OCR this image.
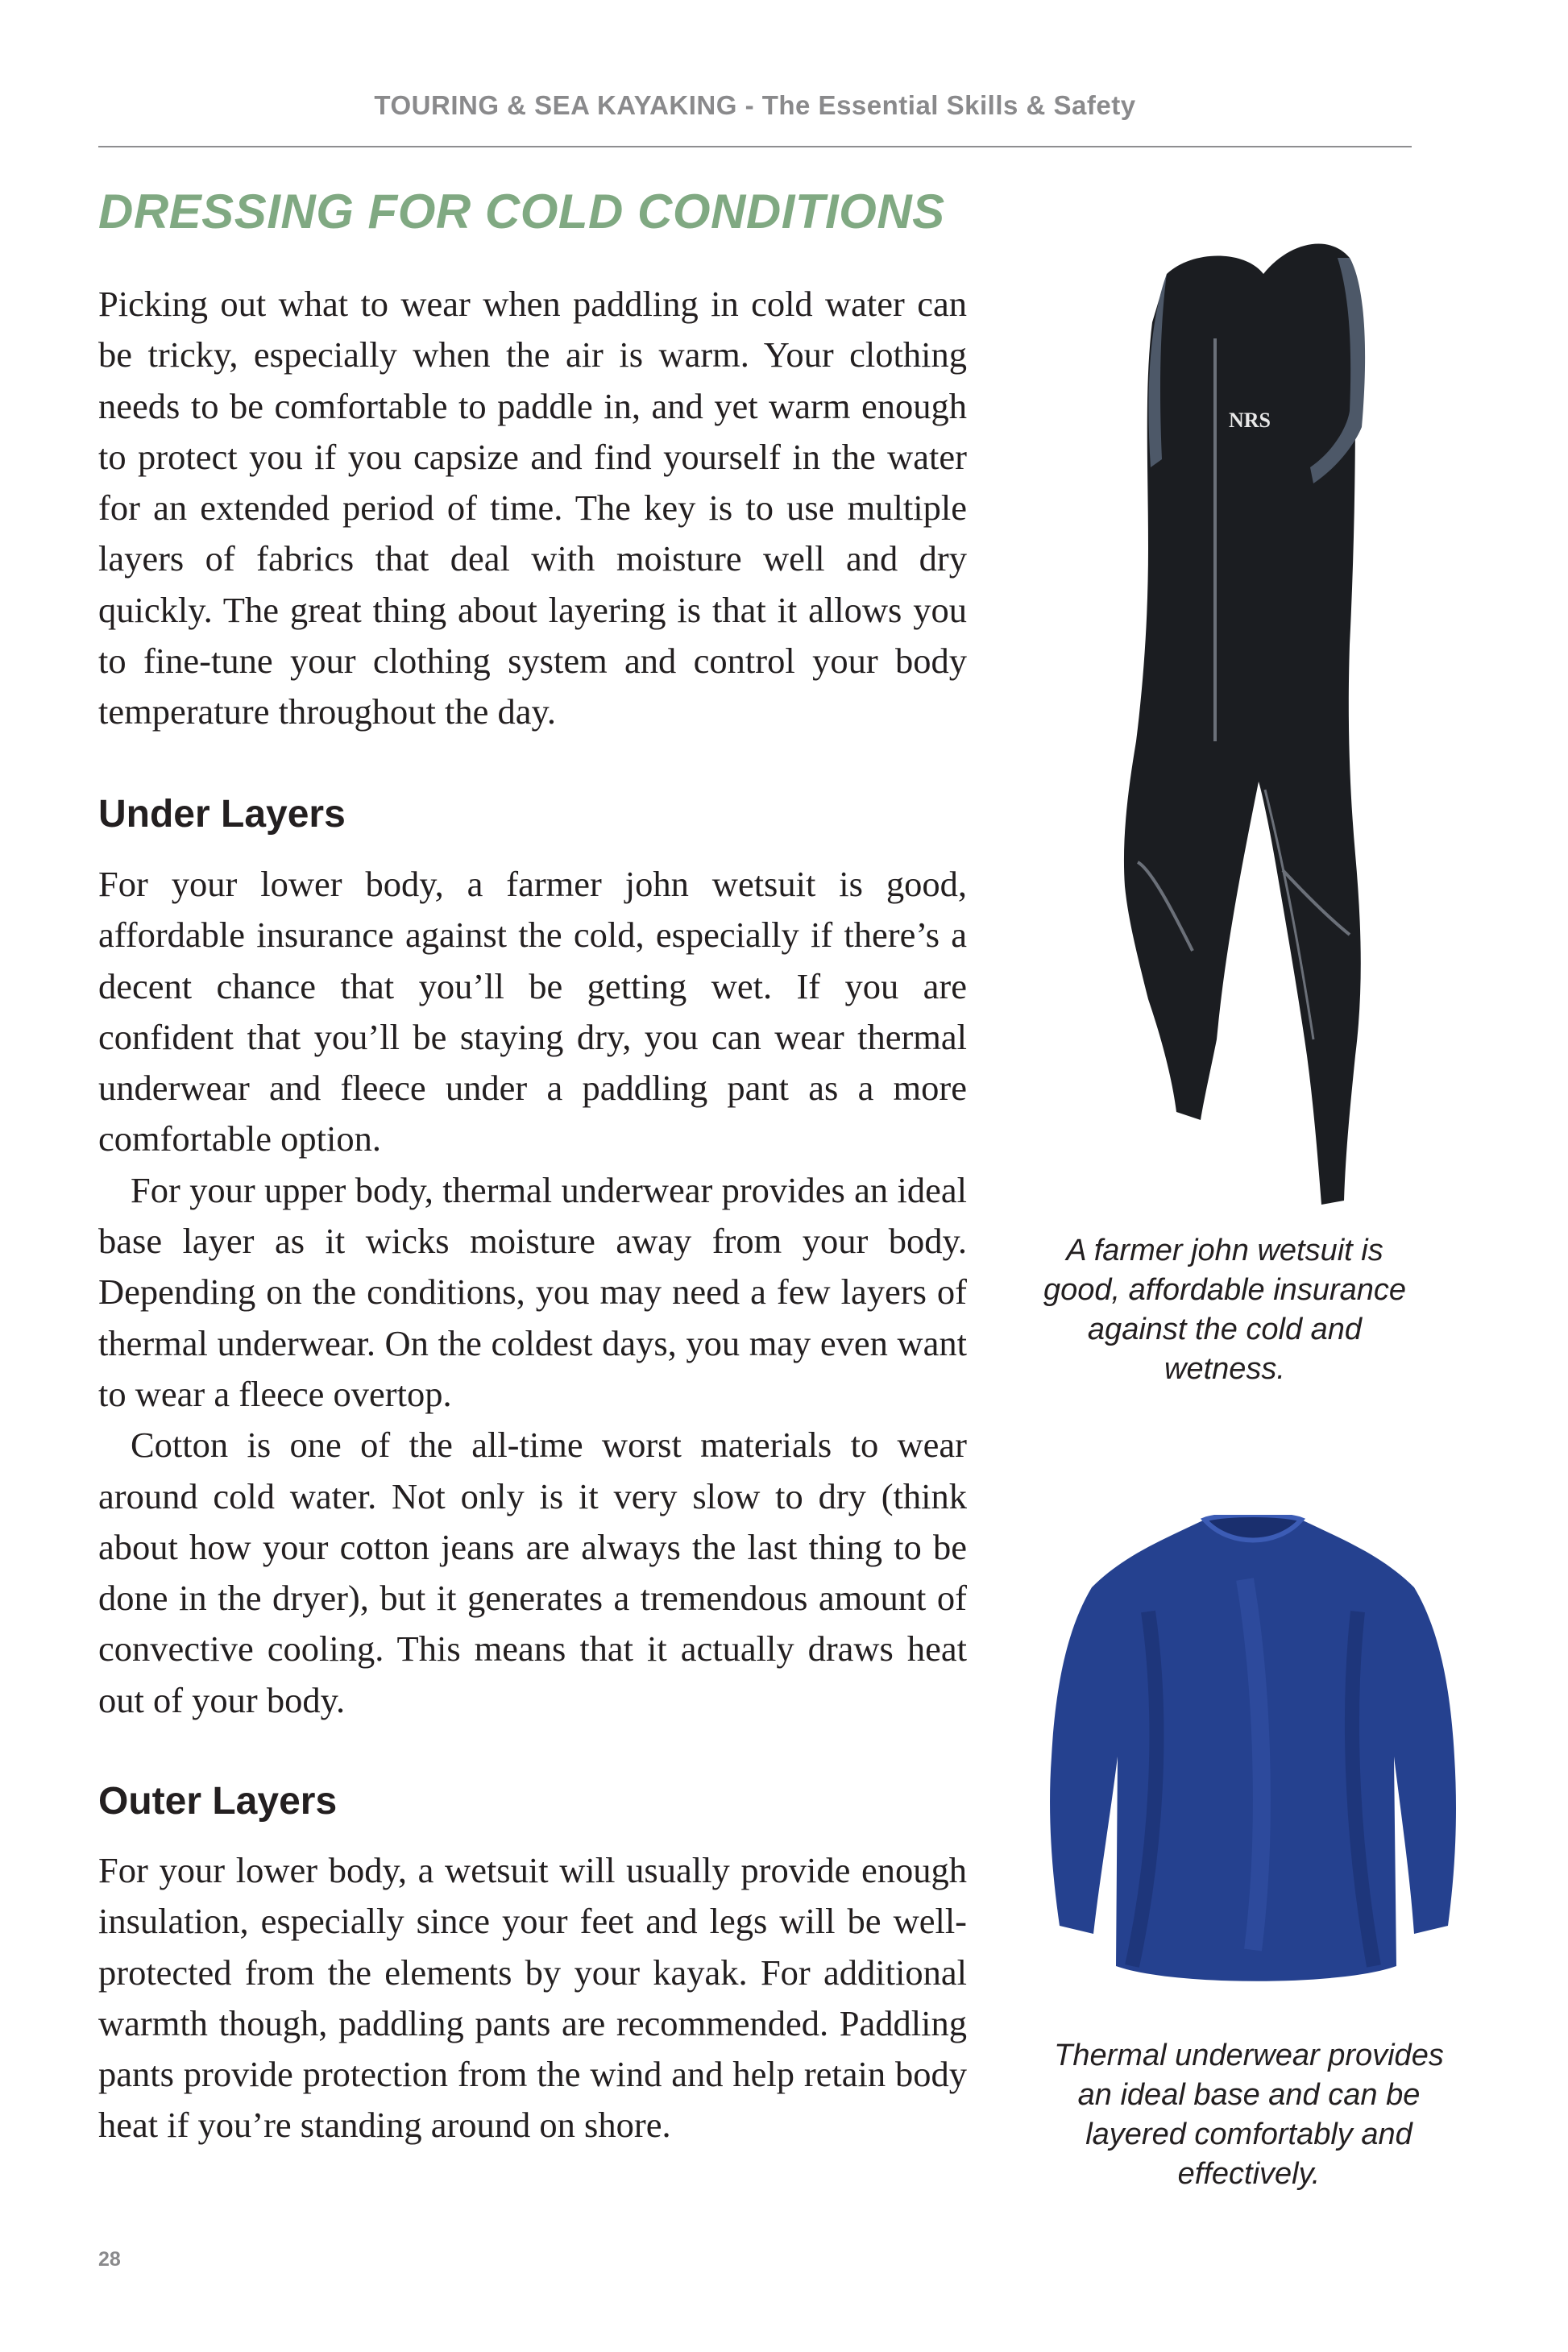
TOURING & SEA KAYAKING - The Essential Skills & Safety
DRESSING FOR COLD CONDITIONS

Picking out what to wear when paddling in cold water can be tricky, especially when the air is warm. Your clothing needs to be comfortable to paddle in, and yet warm enough to protect you if you capsize and find yourself in the water for an extended period of time. The key is to use multiple layers of fabrics that deal with moisture well and dry quickly. The great thing about layering is that it allows you to fine-tune your clothing system and control your body temperature throughout the day.

Under Layers

For your lower body, a farmer john wetsuit is good, affordable insurance against the cold, especially if there’s a decent chance that you’ll be getting wet. If you are confident that you’ll be staying dry, you can wear thermal underwear and fleece under a paddling pant as a more comfortable option.

For your upper body, thermal underwear provides an ideal base layer as it wicks moisture away from your body. Depending on the conditions, you may need a few layers of thermal underwear. On the coldest days, you may even want to wear a fleece overtop.

Cotton is one of the all-time worst materials to wear around cold water. Not only is it very slow to dry (think about how your cotton jeans are always the last thing to be done in the dryer), but it generates a tremendous amount of convective cooling. This means that it actually draws heat out of your body.

Outer Layers

For your lower body, a wetsuit will usually provide enough insulation, especially since your feet and legs will be well-protected from the elements by your kayak. For additional warmth though, paddling pants are recommended. Paddling pants provide protection from the wind and help retain body heat if you’re standing around on shore.

NRS

A farmer john wetsuit is good, affordable insurance against the cold and wetness.

Thermal underwear provides an ideal base and can be layered comfortably and effectively.

28
